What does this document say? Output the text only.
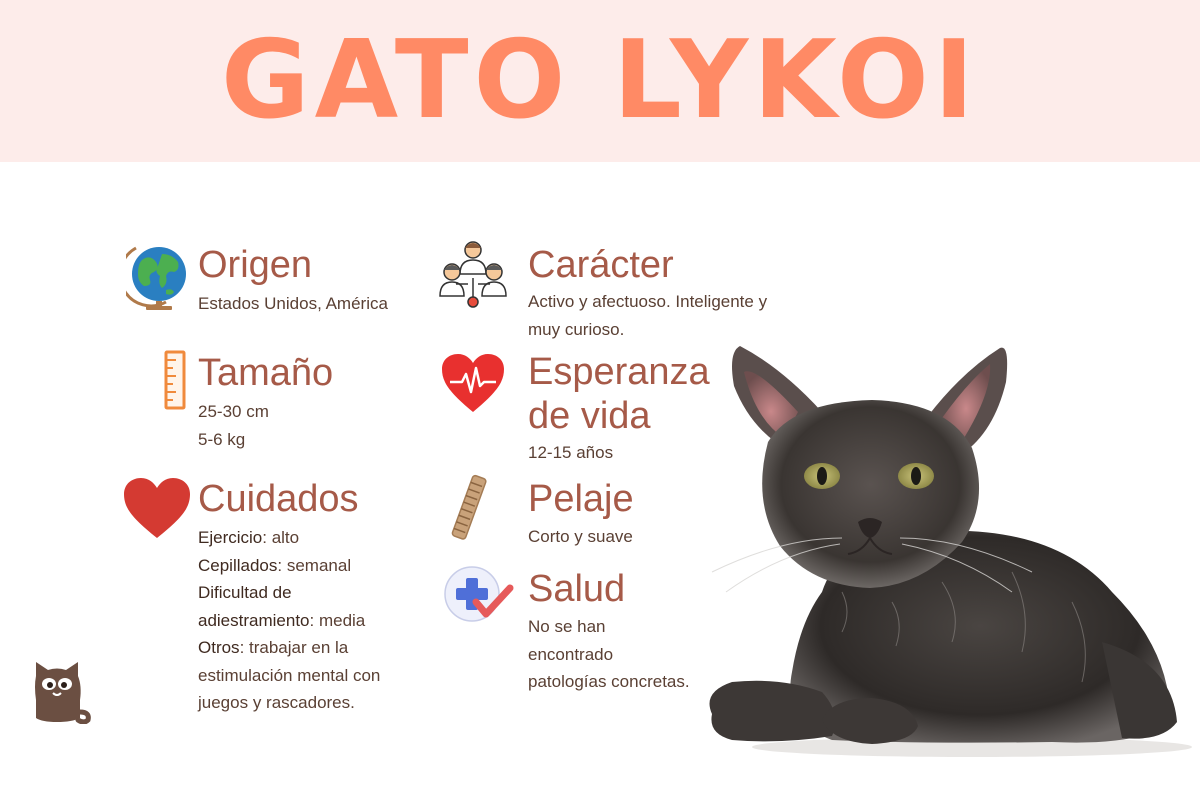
GATO LYKOI
Origen

Estados Unidos, América

Tamaño

25-30 cm

5-6 kg

Cuidados

Ejercicio: alto

Cepillados: semanal

Dificultad de

adiestramiento: media

Otros: trabajar en la

estimulación mental con

juegos y rascadores.

Carácter

Activo y afectuoso. Inteligente y

muy curioso.

Esperanza
de vida

12-15 años

Pelaje

Corto y suave

Salud

No se han

encontrado

patologías concretas.
